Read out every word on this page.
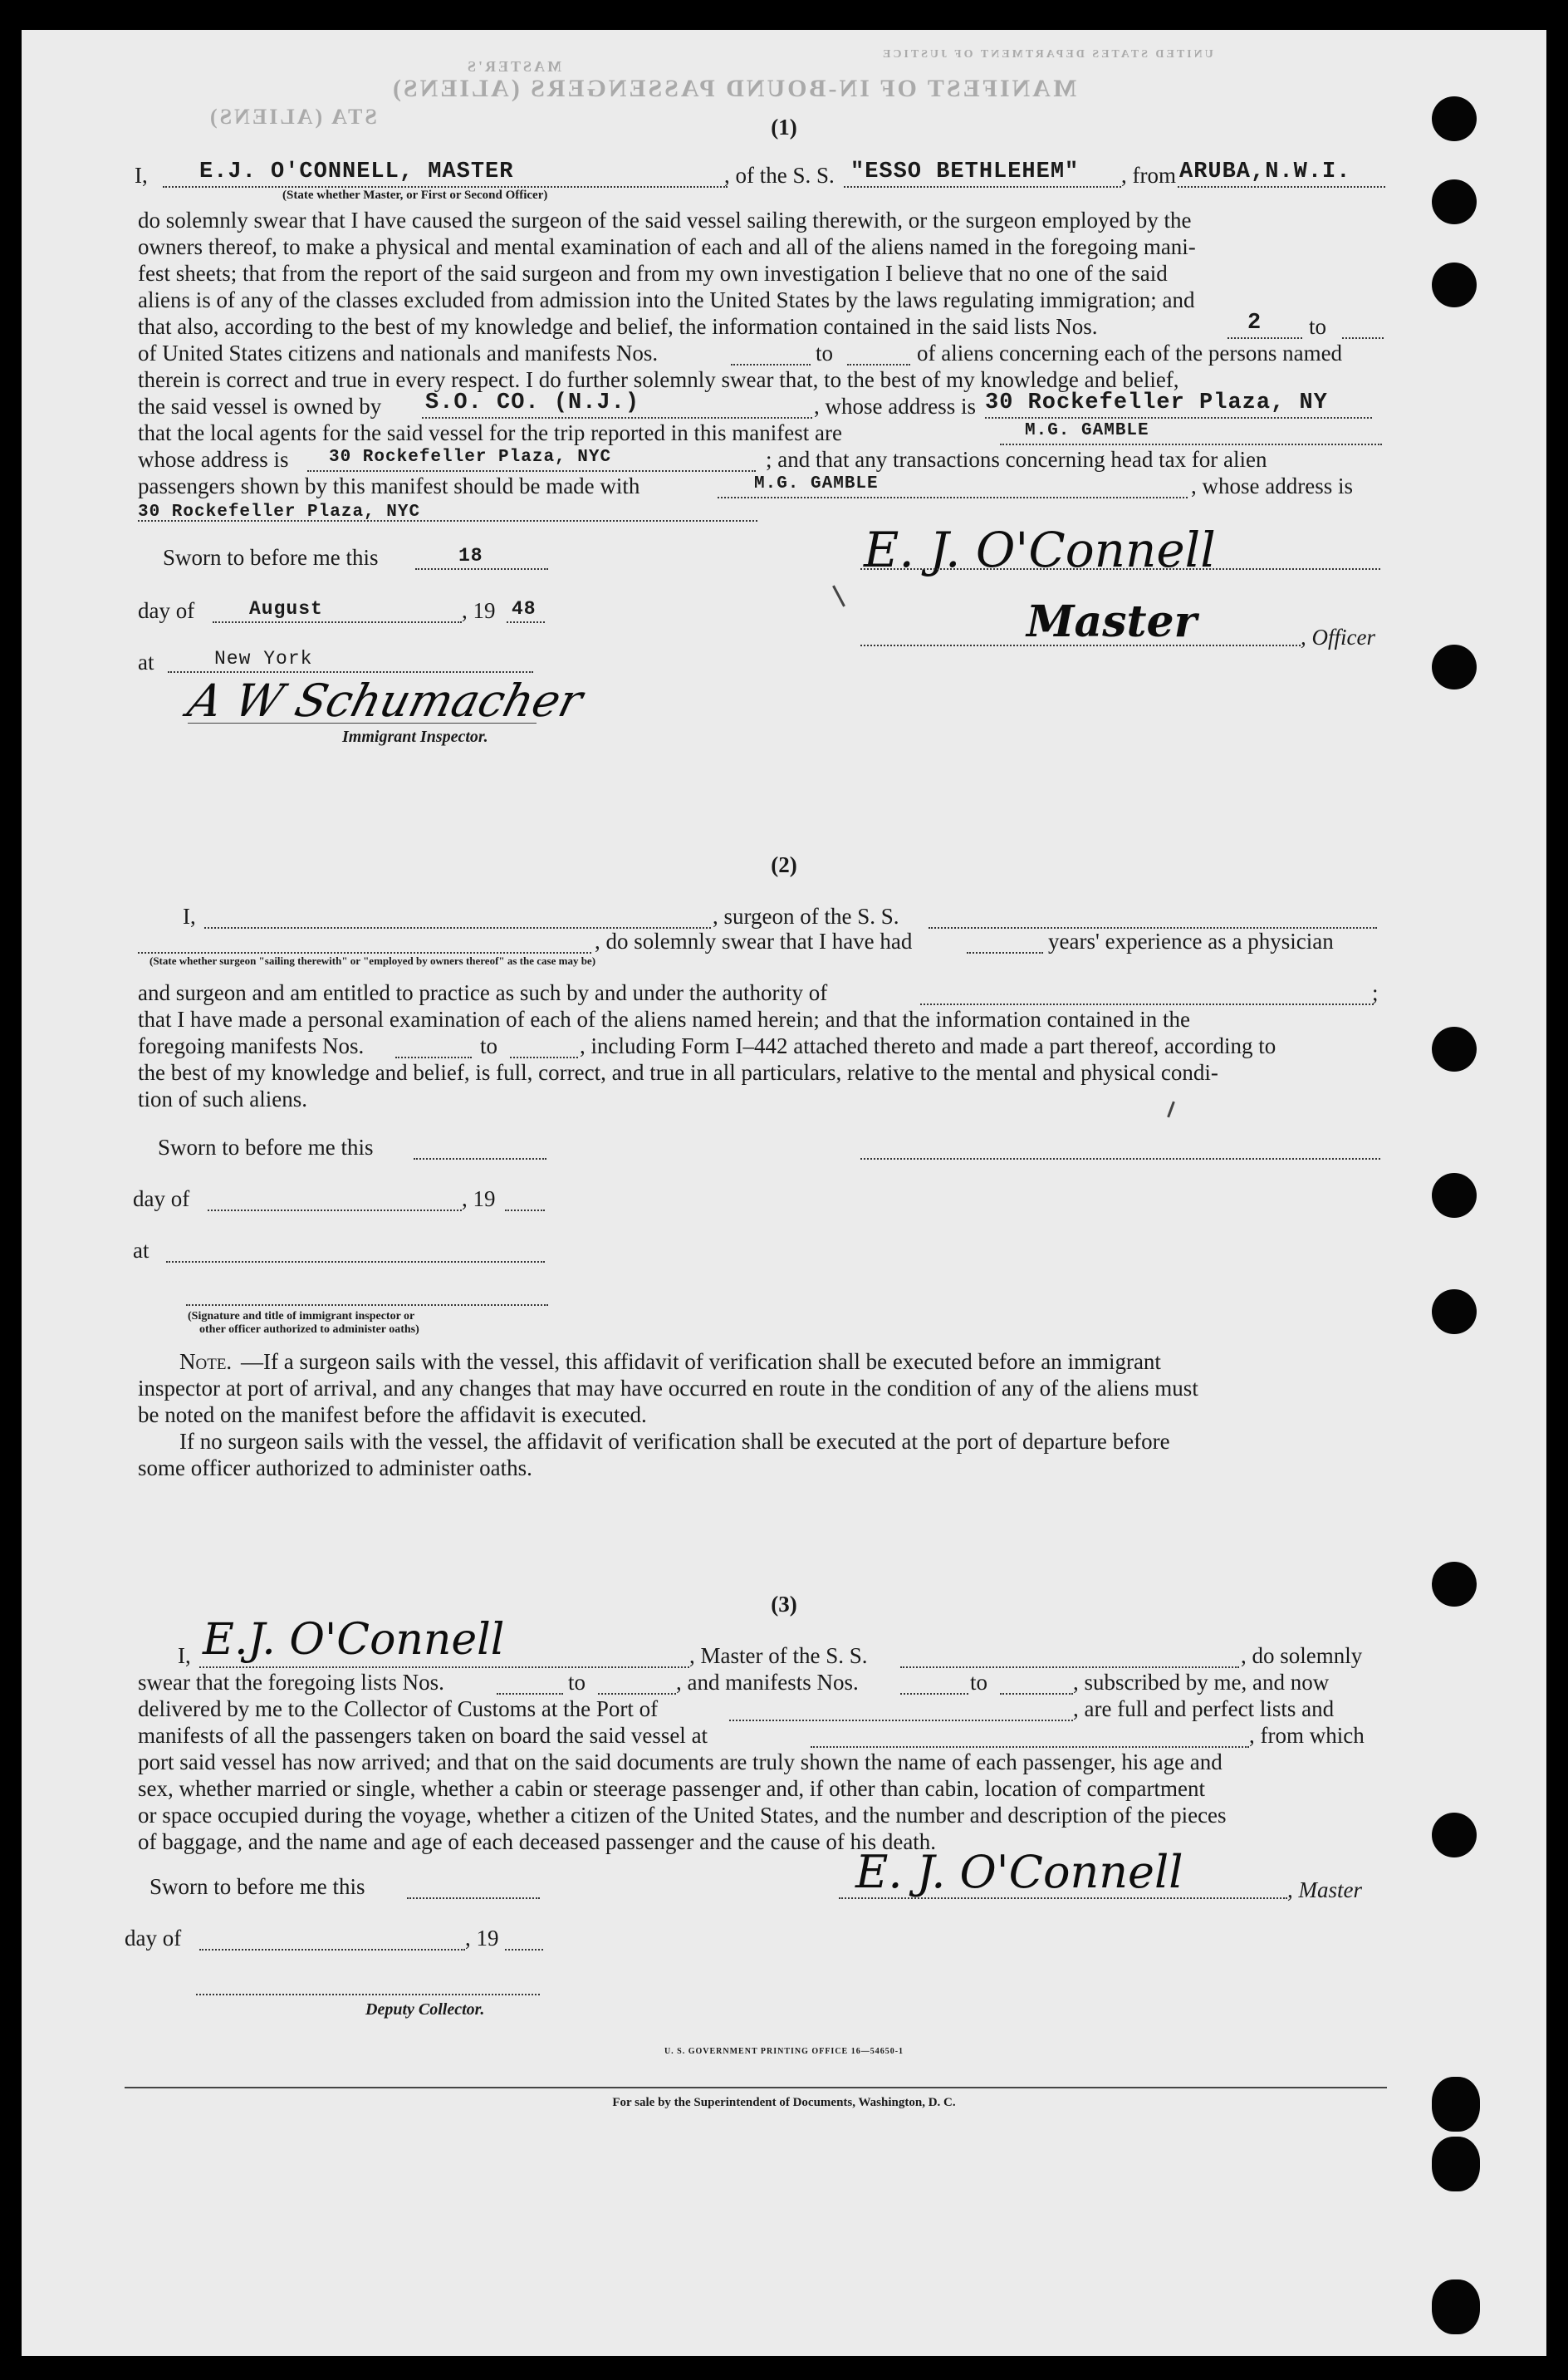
MANIFEST OF IN-BOUND PASSENGERS (ALIENS)
MASTER'S
UNITED STATES DEPARTMENT OF JUSTICE
STA (ALIENS)	(1)
I, E.J. O'CONNELL, MASTER	, of the S. S. "ESSO BETHLEHEM" , from ARUBA,N.W.I.
(State whether Master, or First or Second Officer)
do solemnly swear that I have caused the surgeon of the said vessel sailing therewith, or the surgeon employed by the
owners thereof, to make a physical and mental examination of each and all of the aliens named in the foregoing mani-
fest sheets; that from the report of the said surgeon and from my own investigation I believe that no one of the said
aliens is of any of the classes excluded from admission into the United States by the laws regulating immigration; and
that also, according to the best of my knowledge and belief, the information contained in the said lists Nos.	2 to
of United States citizens and nationals and manifests Nos.	to	of aliens concerning each of the persons named
therein is correct and true in every respect. I do further solemnly swear that, to the best of my knowledge and belief,
the said vessel is owned by S.O. CO. (N.J.)	, whose address is 30 Rockefeller Plaza, NY
that the local agents for the said vessel for the trip reported in this manifest are	M.G. GAMBLE
whose address is 30 Rockefeller Plaza, NYC	; and that any transactions concerning head tax for alien
passengers shown by this manifest should be made with	M.G. GAMBLE	, whose address is
30 Rockefeller Plaza, NYC
Sworn to before me this	18
day of	August	, 19 48
at	New York
A W Schumacher
Immigrant Inspector.
E. J. O'Connell
Master	, Officer
(2)
I,	, surgeon of the S. S.
, do solemnly swear that I have had	years' experience as a physician
(State whether surgeon "sailing therewith" or "employed by owners thereof" as the case may be)
and surgeon and am entitled to practice as such by and under the authority of	;
that I have made a personal examination of each of the aliens named herein; and that the information contained in the
foregoing manifests Nos.	to	, including Form I–442 attached thereto and made a part thereof, according to
the best of my knowledge and belief, is full, correct, and true in all particulars, relative to the mental and physical condi-
tion of such aliens.
Sworn to before me this
day of	, 19
at
(Signature and title of immigrant inspector or
other officer authorized to administer oaths)
Note. —If a surgeon sails with the vessel, this affidavit of verification shall be executed before an immigrant
inspector at port of arrival, and any changes that may have occurred en route in the condition of any of the aliens must
be noted on the manifest before the affidavit is executed.
If no surgeon sails with the vessel, the affidavit of verification shall be executed at the port of departure before
some officer authorized to administer oaths.
(3)
I, E.J. O'Connell	, Master of the S. S.	, do solemnly
swear that the foregoing lists Nos.	to	, and manifests Nos.	to	, subscribed by me, and now
delivered by me to the Collector of Customs at the Port of	, are full and perfect lists and
manifests of all the passengers taken on board the said vessel at	, from which
port said vessel has now arrived; and that on the said documents are truly shown the name of each passenger, his age and
sex, whether married or single, whether a cabin or steerage passenger and, if other than cabin, location of compartment
or space occupied during the voyage, whether a citizen of the United States, and the number and description of the pieces
of baggage, and the name and age of each deceased passenger and the cause of his death.
Sworn to before me this	E. J. O'Connell	, Master
day of	, 19
Deputy Collector.
U. S. GOVERNMENT PRINTING OFFICE 16—54650-1
For sale by the Superintendent of Documents, Washington, D. C.
